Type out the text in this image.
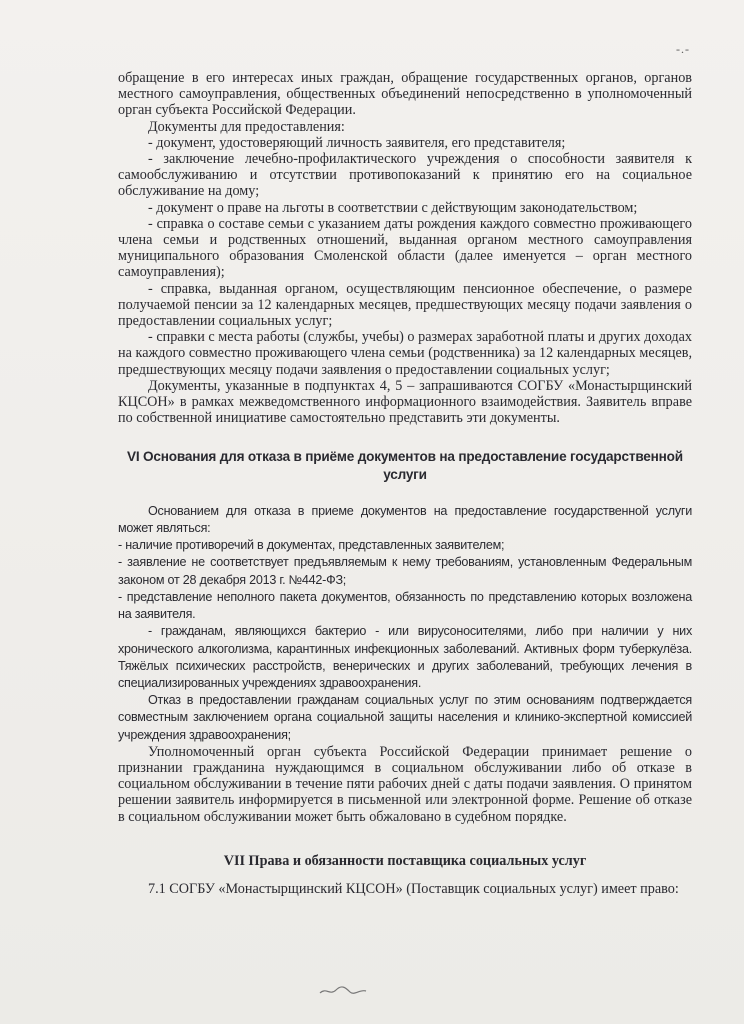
-.-

обращение в его интересах иных граждан, обращение государственных органов, органов местного самоуправления, общественных объединений непосредственно в уполномоченный орган субъекта Российской Федерации.

Документы для предоставления:

- документ, удостоверяющий личность заявителя, его представителя;

- заключение лечебно-профилактического учреждения о способности заявителя к самообслуживанию и отсутствии противопоказаний к принятию его на социальное обслуживание на дому;

- документ о праве на льготы в соответствии с действующим законодательством;

- справка о составе семьи с указанием даты рождения каждого совместно проживающего члена семьи и родственных отношений, выданная органом местного самоуправления муниципального образования Смоленской области (далее именуется – орган местного самоуправления);

- справка, выданная органом, осуществляющим пенсионное обеспечение, о размере получаемой пенсии за 12 календарных месяцев, предшествующих месяцу подачи заявления о предоставлении социальных услуг;

- справки с места работы (службы, учебы) о размерах заработной платы и других доходах на каждого совместно проживающего члена семьи (родственника) за 12 календарных месяцев, предшествующих месяцу подачи заявления о предоставлении социальных услуг;

Документы, указанные в подпунктах 4, 5 – запрашиваются СОГБУ «Монастырщинский КЦСОН» в рамках межведомственного информационного взаимодействия. Заявитель вправе по собственной инициативе самостоятельно представить эти документы.

VI Основания для отказа в приёме документов на предоставление государственной услуги

Основанием для отказа в приеме документов на предоставление государственной услуги может являться:

- наличие противоречий в документах, представленных заявителем;

- заявление не соответствует предъявляемым к нему требованиям, установленным Федеральным законом от 28 декабря 2013 г. №442-ФЗ;

- представление неполного пакета документов, обязанность по представлению которых возложена на заявителя.

- гражданам, являющихся бактерио - или вирусоносителями, либо при наличии у них хронического алкоголизма, карантинных инфекционных заболеваний. Активных форм туберкулёза. Тяжёлых психических расстройств, венерических и других заболеваний, требующих лечения в специализированных учреждениях здравоохранения.

Отказ в предоставлении гражданам социальных услуг по этим основаниям подтверждается совместным заключением органа социальной защиты населения и клинико-экспертной комиссией учреждения здравоохранения;

Уполномоченный орган субъекта Российской Федерации принимает решение о признании гражданина нуждающимся в социальном обслуживании либо об отказе в социальном обслуживании в течение пяти рабочих дней с даты подачи заявления. О принятом решении заявитель информируется в письменной или электронной форме. Решение об отказе в социальном обслуживании может быть обжаловано в судебном порядке.

VII Права и обязанности поставщика социальных услуг

7.1 СОГБУ «Монастырщинский КЦСОН» (Поставщик социальных услуг) имеет право:
